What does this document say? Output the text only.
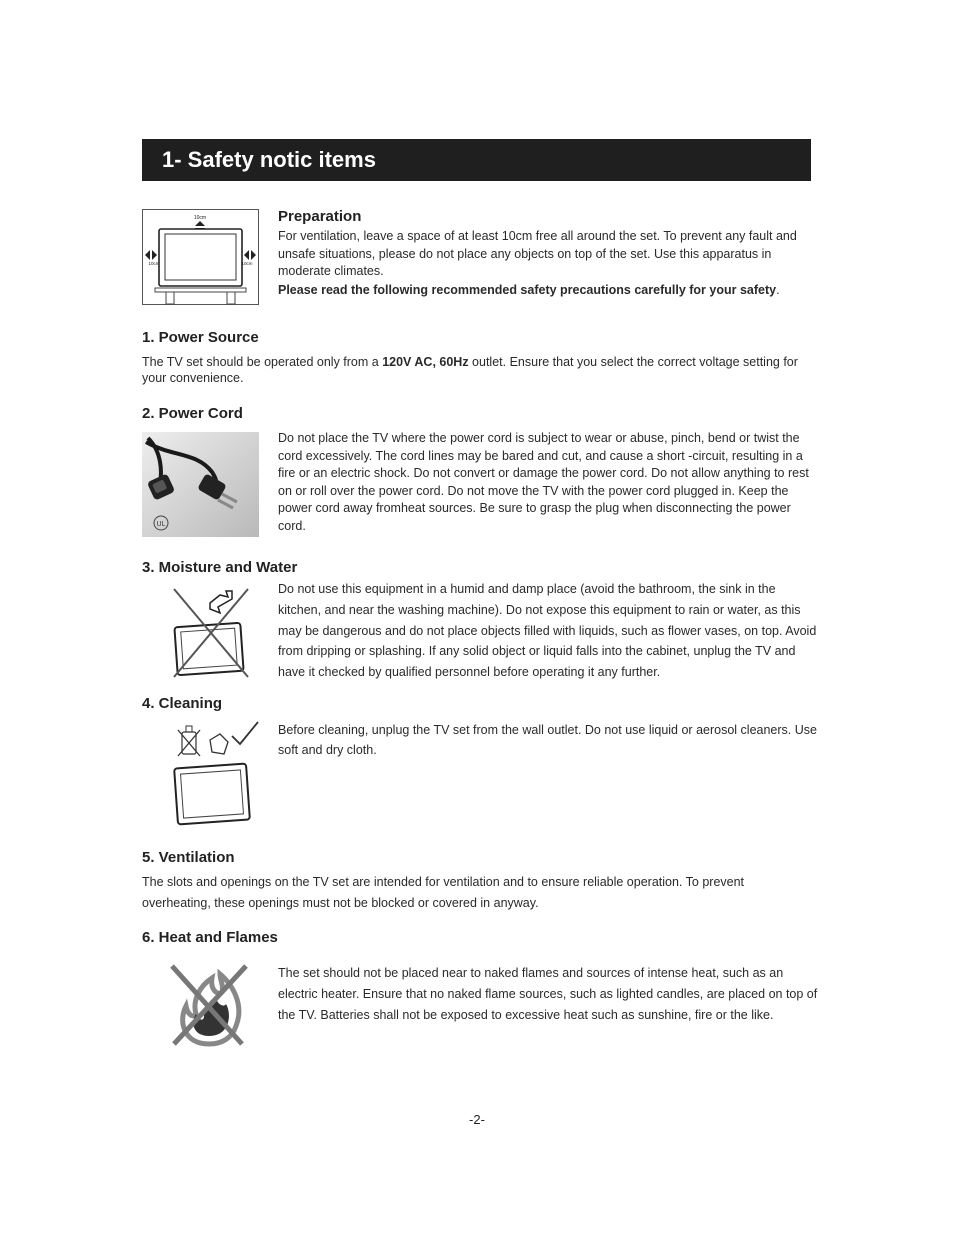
1- Safety notic items
10cm
10cm	10cm

Preparation

For ventilation, leave a space of at least 10cm free all around the set. To prevent any fault and unsafe situations, please do not place any objects on top of the set. Use this apparatus in moderate climates.

Please read the following recommended safety precautions carefully for your safety.

1. Power Source

The TV set should be operated only from a 120V AC, 60Hz outlet. Ensure that you select the correct voltage setting for your convenience.

2. Power Cord

UL

Do not place the TV where the power cord is subject to wear or abuse, pinch, bend or twist the cord excessively. The cord lines may be bared and cut, and cause a short -circuit, resulting in a fire or an electric shock. Do not convert or damage the power cord. Do not allow anything to rest on or roll over the power cord. Do not move the TV with the power cord plugged in. Keep the power cord away fromheat sources. Be sure to grasp the plug when disconnecting the power cord.

3. Moisture and Water

Do not use this equipment in a humid and damp place (avoid the bathroom, the sink in the kitchen, and near the washing machine). Do not expose this equipment to rain or water, as this may be dangerous and do not place objects filled with liquids, such as flower vases, on top. Avoid from dripping or splashing. If any solid object or liquid falls into the cabinet, unplug the TV and have it checked by qualified personnel before operating it any further.

4. Cleaning

Before cleaning, unplug the TV set from the wall outlet. Do not use liquid or aerosol cleaners. Use soft and dry cloth.

5. Ventilation

The slots and openings on the TV set are intended for ventilation and to ensure reliable operation. To prevent overheating, these openings must not be blocked or covered in anyway.

6. Heat and Flames

The set should not be placed near to naked flames and sources of intense heat, such as an electric heater. Ensure that no naked flame sources, such as lighted candles, are placed on top of the TV. Batteries shall not be exposed to excessive heat such as sunshine, fire or the like.

-2-
